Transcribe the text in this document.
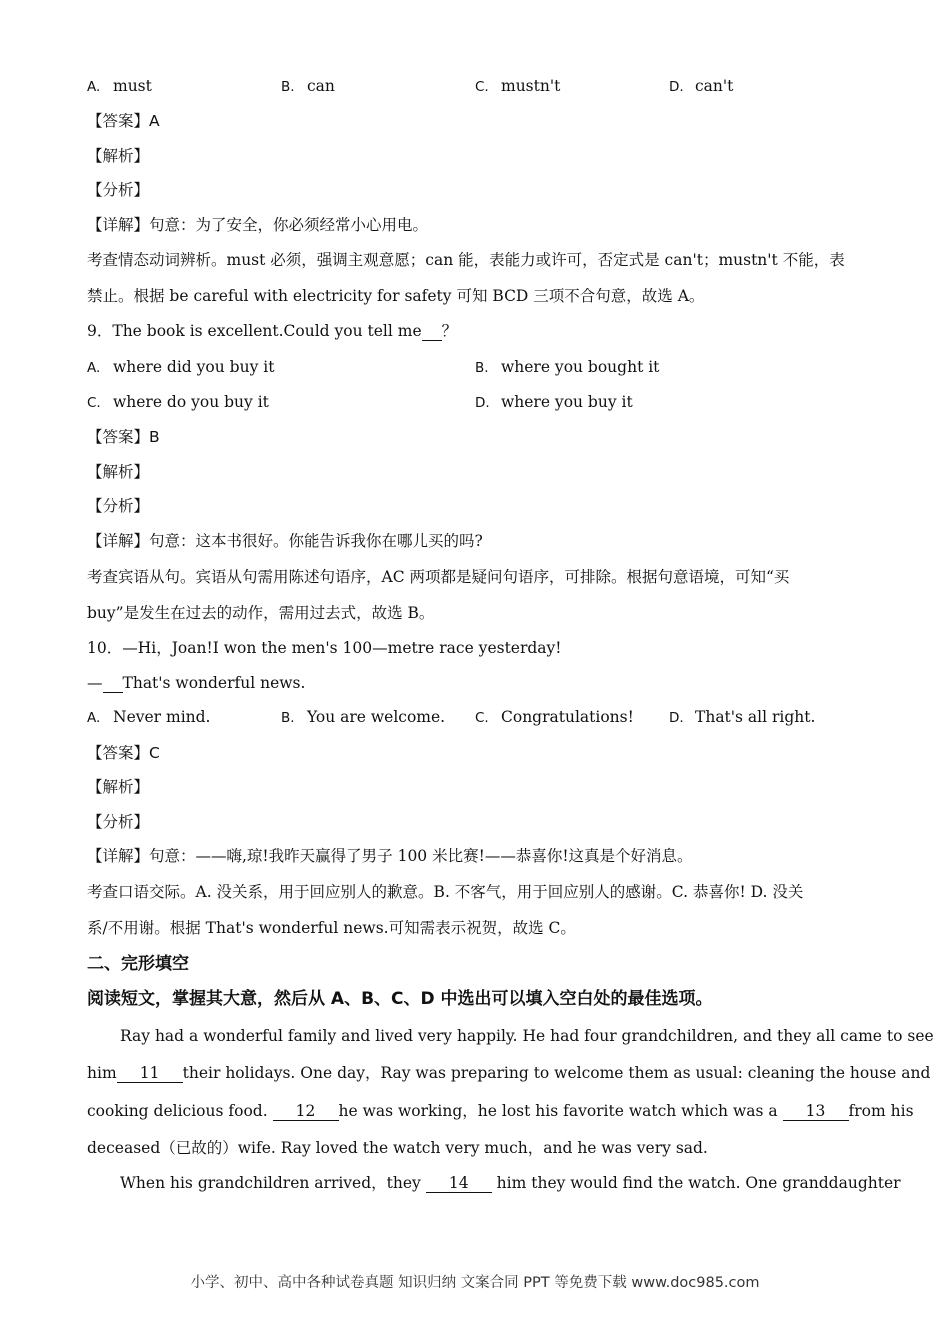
A. must	B. can	C. mustn't	D. can't
【答案】A
【解析】
【分析】
【详解】句意：为了安全，你必须经常小心用电。
考查情态动词辨析。must 必须，强调主观意愿；can 能，表能力或许可，否定式是 can't；mustn't 不能，表
禁止。根据 be careful with electricity for safety 可知 BCD 三项不合句意，故选 A。
9．The book is excellent.Could you tell me ？
A. where did you buy it	B. where you bought it
C. where do you buy it	D. where you buy it
【答案】B
【解析】
【分析】
【详解】句意：这本书很好。你能告诉我你在哪儿买的吗?
考查宾语从句。宾语从句需用陈述句语序，AC 两项都是疑问句语序，可排除。根据句意语境，可知“买
buy”是发生在过去的动作，需用过去式，故选 B。
10．—Hi，Joan!I won the men's 100—metre race yesterday!
— That's wonderful news.
A. Never mind.	B. You are welcome. C. Congratulations!	D. That's all right.
【答案】C
【解析】
【分析】
【详解】句意：——嗨,琼!我昨天赢得了男子 100 米比赛!——恭喜你!这真是个好消息。
考查口语交际。A. 没关系，用于回应别人的歉意。B. 不客气，用于回应别人的感谢。C. 恭喜你! D. 没关
系/不用谢。根据 That's wonderful news.可知需表示祝贺，故选 C。
二、完形填空
阅读短文，掌握其大意，然后从 A、B、C、D 中选出可以填入空白处的最佳选项。
Ray had a wonderful family and lived very happily. He had four grandchildren, and they all came to see
him 11 their holidays. One day，Ray was preparing to welcome them as usual: cleaning the house and
cooking delicious food. 12 he was working，he lost his favorite watch which was a 13 from his
deceased（已故的）wife. Ray loved the watch very much，and he was very sad.
When his grandchildren arrived，they 14 him they would find the watch. One granddaughter
小学、初中、高中各种试卷真题 知识归纳 文案合同 PPT 等免费下载 www.doc985.com
